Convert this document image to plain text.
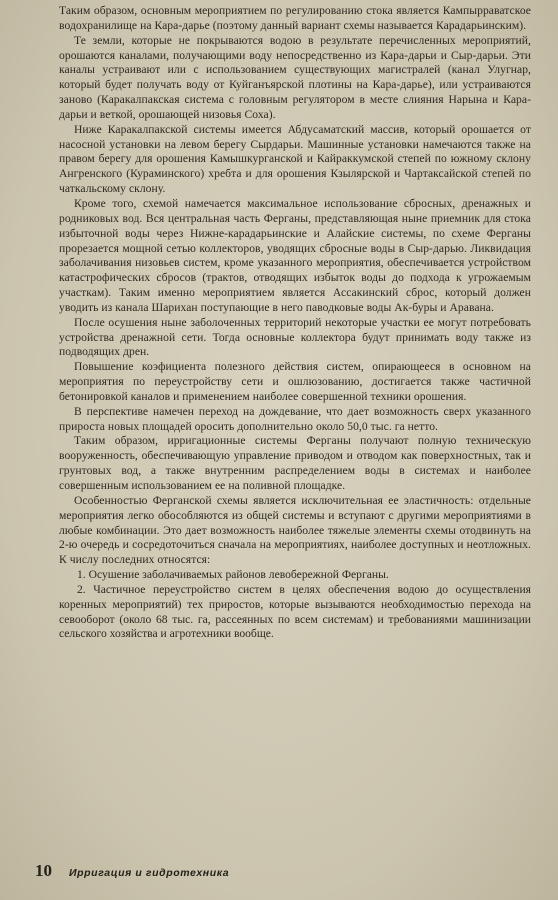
Таким образом, основным мероприятием по регулированию стока является Кампырраватское водохранилище на Кара-дарье (поэтому данный вариант схемы называется Карадарьинским).

Те земли, которые не покрываются водою в результате перечисленных мероприятий, орошаются каналами, получающими воду непосредственно из Кара-дарьи и Сыр-дарьи. Эти каналы устраивают или с использованием существующих магистралей (канал Улугнар, который будет получать воду от Куйганъярской плотины на Кара-дарье), или устраиваются заново (Каракалпакская система с головным регулятором в месте слияния Нарына и Кара-дарьи и веткой, орошающей низовья Соха).

Ниже Каракалпакской системы имеется Абдусаматский массив, который орошается от насосной установки на левом берегу Сырдарьи. Машинные установки намечаются также на правом берегу для орошения Камышкурганской и Кайраккумской степей по южному склону Ангренского (Кураминского) хребта и для орошения Кзылярской и Чартаксайской степей по чаткальскому склону.

Кроме того, схемой намечается максимальное использование сбросных, дренажных и родниковых вод. Вся центральная часть Ферганы, представляющая ныне приемник для стока избыточной воды через Нижне-карадарьинские и Алайские системы, по схеме Ферганы прорезается мощной сетью коллекторов, уводящих сбросные воды в Сыр-дарью. Ликвидация заболачивания низовьев систем, кроме указанного мероприятия, обеспечивается устройством катастрофических сбросов (трактов, отводящих избыток воды до подхода к угрожаемым участкам). Таким именно мероприятием является Ассакинский сброс, который должен уводить из канала Шарихан поступающие в него паводковые воды Ак-буры и Аравана.

После осушения ныне заболоченных территорий некоторые участки ее могут потребовать устройства дренажной сети. Тогда основные коллектора будут принимать воду также из подводящих дрен.

Повышение коэфициента полезного действия систем, опирающееся в основном на мероприятия по переустройству сети и ошлюзованию, достигается также частичной бетонировкой каналов и применением наиболее совершенной техники орошения.

В перспективе намечен переход на дождевание, что дает возможность сверх указанного прироста новых площадей оросить дополнительно около 50,0 тыс. га нетто.

Таким образом, ирригационные системы Ферганы получают полную техническую вооруженность, обеспечивающую управление приводом и отводом как поверхностных, так и грунтовых вод, а также внутренним распределением воды в системах и наиболее совершенным использованием ее на поливной площадке.

Особенностью Ферганской схемы является исключительная ее эластичность: отдельные мероприятия легко обособляются из общей системы и вступают с другими мероприятиями в любые комбинации. Это дает возможность наиболее тяжелые элементы схемы отодвинуть на 2-ю очередь и сосредоточиться сначала на мероприятиях, наиболее доступных и неотложных. К числу последних относятся:

1. Осушение заболачиваемых районов левобережной Ферганы.

2. Частичное переустройство систем в целях обеспечения водою до осуществления коренных мероприятий) тех приростов, которые вызываются необходимостью перехода на севооборот (около 68 тыс. га, рассеянных по всем системам) и требованиями машинизации сельского хозяйства и агротехники вообще.

10 Ирригация и гидротехника
